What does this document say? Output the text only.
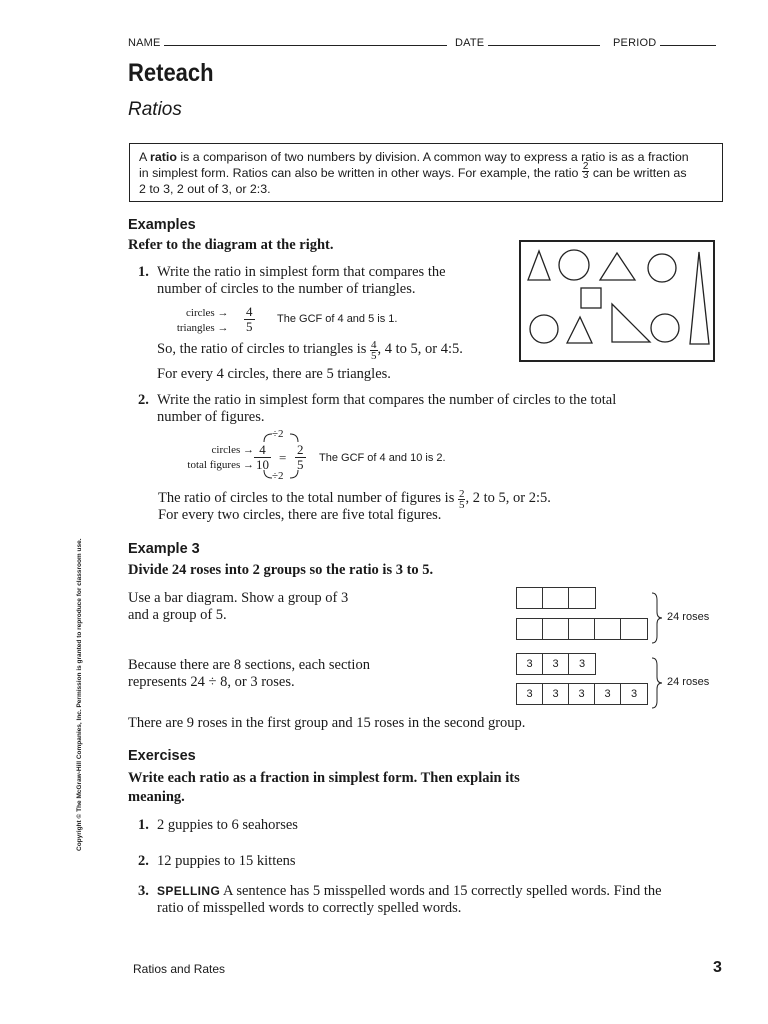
NAME	DATE	PERIOD
Reteach
Ratios
A ratio is a comparison of two numbers by division. A common way to express a ratio is as a fraction
in simplest form. Ratios can also be written in other ways. For example, the ratio $\frac{2}{3}$ can be written as
2 to 3, 2 out of 3, or 2:3.
Examples
Refer to the diagram at the right.
1. Write the ratio in simplest form that compares the
number of circles to the number of triangles.
circles →
triangles → $\frac{4}{5}$ The GCF of 4 and 5 is 1.
So, the ratio of circles to triangles is $\frac{4}{5}$ , 4 to 5, or 4:5.
For every 4 circles, there are 5 triangles.
2. Write the ratio in simplest form that compares the number of circles to the total
number of figures.
circles →
total figures →
÷2
÷2
$\frac{4}{10} = \frac{2}{5}$ The GCF of 4 and 10 is 2.
The ratio of circles to the total number of figures is $\frac{2}{5}$ , 2 to 5, or 2:5.
For every two circles, there are five total figures.
Example 3
Divide 24 roses into 2 groups so the ratio is 3 to 5.
Use a bar diagram. Show a group of 3
and a group of 5.
Because there are 8 sections, each section
represents 24 ÷ 8, or 3 roses.
24 roses
3	3	3
3	3	3	3	3
24 roses
There are 9 roses in the first group and 15 roses in the second group.
Exercises
Write each ratio as a fraction in simplest form. Then explain its
meaning.
1. 2 guppies to 6 seahorses
2. 12 puppies to 15 kittens
3. SPELLING A sentence has 5 misspelled words and 15 correctly spelled words. Find the
ratio of misspelled words to correctly spelled words.
Copyright © The McGraw-Hill Companies, Inc. Permission is granted to reproduce for classroom use.
Ratios and Rates	3
